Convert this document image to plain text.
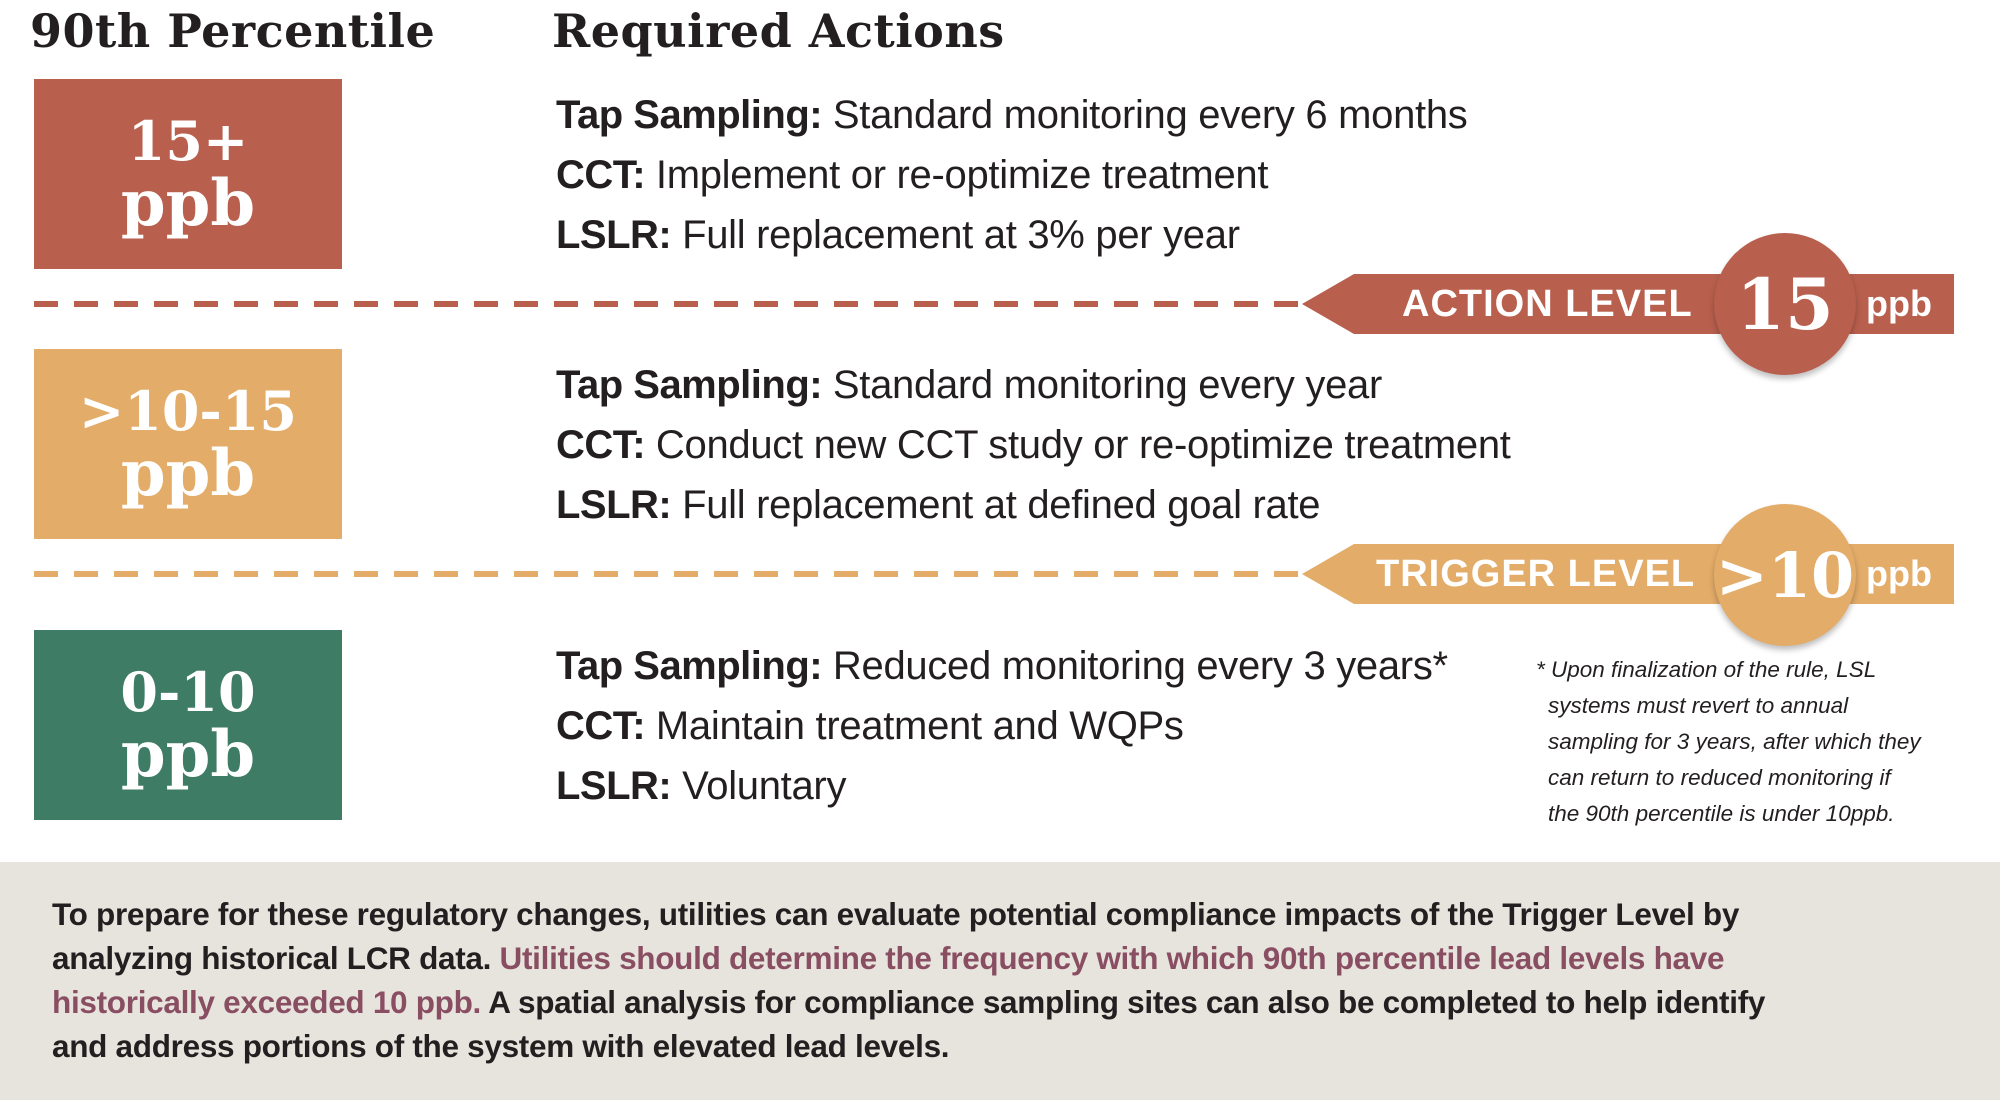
90th Percentile	Required Actions
15+
ppb
>10-15
ppb
0-10
ppb
Tap Sampling: Standard monitoring every 6 months
CCT: Implement or re-optimize treatment
LSLR: Full replacement at 3% per year
Tap Sampling: Standard monitoring every year
CCT: Conduct new CCT study or re-optimize treatment
LSLR: Full replacement at defined goal rate
Tap Sampling: Reduced monitoring every 3 years*
CCT: Maintain treatment and WQPs
LSLR: Voluntary
ACTION LEVEL 15 ppb
TRIGGER LEVEL >10 ppb
* Upon finalization of the rule, LSL
systems must revert to annual
sampling for 3 years, after which they
can return to reduced monitoring if
the 90th percentile is under 10ppb.
To prepare for these regulatory changes, utilities can evaluate potential compliance impacts of the Trigger Level by
analyzing historical LCR data. Utilities should determine the frequency with which 90th percentile lead levels have
historically exceeded 10 ppb. A spatial analysis for compliance sampling sites can also be completed to help identify
and address portions of the system with elevated lead levels.
